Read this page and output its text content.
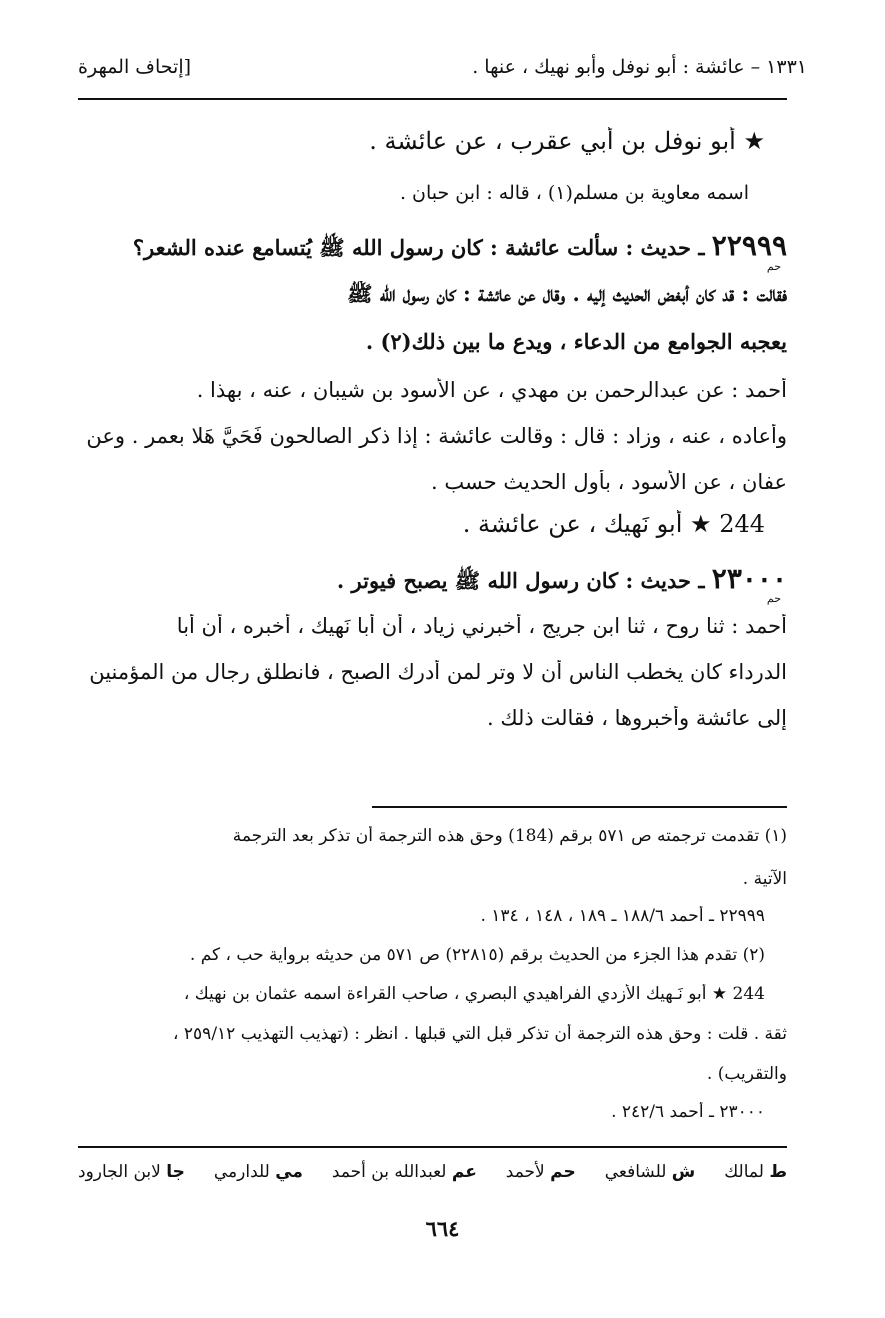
١٣٣١ – عائشة : أبو نوفل وأبو نهيك ، عنها .
[إتحاف المهرة
★ أبو نوفل بن أبي عقرب ، عن عائشة .
اسمه معاوية بن مسلم(١) ، قاله : ابن حبان .
٢٢٩٩٩ ـ حديث : سألت عائشة : كان رسول الله ﷺ يُتسامع عنده الشعر؟
حم
فقالت : قد كان أبغض الحديث إليه . وقال عن عائشة : كان رسول الله ﷺ
يعجبه الجوامع من الدعاء ، ويدع ما بين ذلك(٢) .
أحمد : عن عبدالرحمن بن مهدي ، عن الأسود بن شيبان ، عنه ، بهذا .
وأعاده ، عنه ، وزاد : قال : وقالت عائشة : إذا ذكر الصالحون فَحَيَّ هَلا بعمر . وعن
عفان ، عن الأسود ، بأول الحديث حسب .
244 ★ أبو نَهيك ، عن عائشة .
٢٣٠٠٠ ـ حديث : كان رسول الله ﷺ يصبح فيوتر .
حم
أحمد : ثنا روح ، ثنا ابن جريج ، أخبرني زياد ، أن أبا نَهيك ، أخبره ، أن أبا
الدرداء كان يخطب الناس أن لا وتر لمن أدرك الصبح ، فانطلق رجال من المؤمنين
إلى عائشة وأخبروها ، فقالت ذلك .
(١) تقدمت ترجمته ص ٥٧١ برقم (184) وحق هذه الترجمة أن تذكر بعد الترجمة
الآتية .
٢٢٩٩٩ ـ أحمد ١٨٨/٦ ـ ١٨٩ ، ١٤٨ ، ١٣٤ .
(٢) تقدم هذا الجزء من الحديث برقم (٢٢٨١٥) ص ٥٧١ من حديثه برواية حب ، كم .
244 ★ أبو نَـهيك الأزدي الفراهيدي البصري ، صاحب القراءة اسمه عثمان بن نهيك ،
ثقة . قلت : وحق هذه الترجمة أن تذكر قبل التي قبلها . انظر : (تهذيب التهذيب ٢٥٩/١٢ ،
والتقريب) .
٢٣٠٠٠ ـ أحمد ٢٤٢/٦ .
ط لمالك
ش للشافعي
حم لأحمد
عم لعبدالله بن أحمد
مي للدارمي
جا لابن الجارود
٦٦٤
